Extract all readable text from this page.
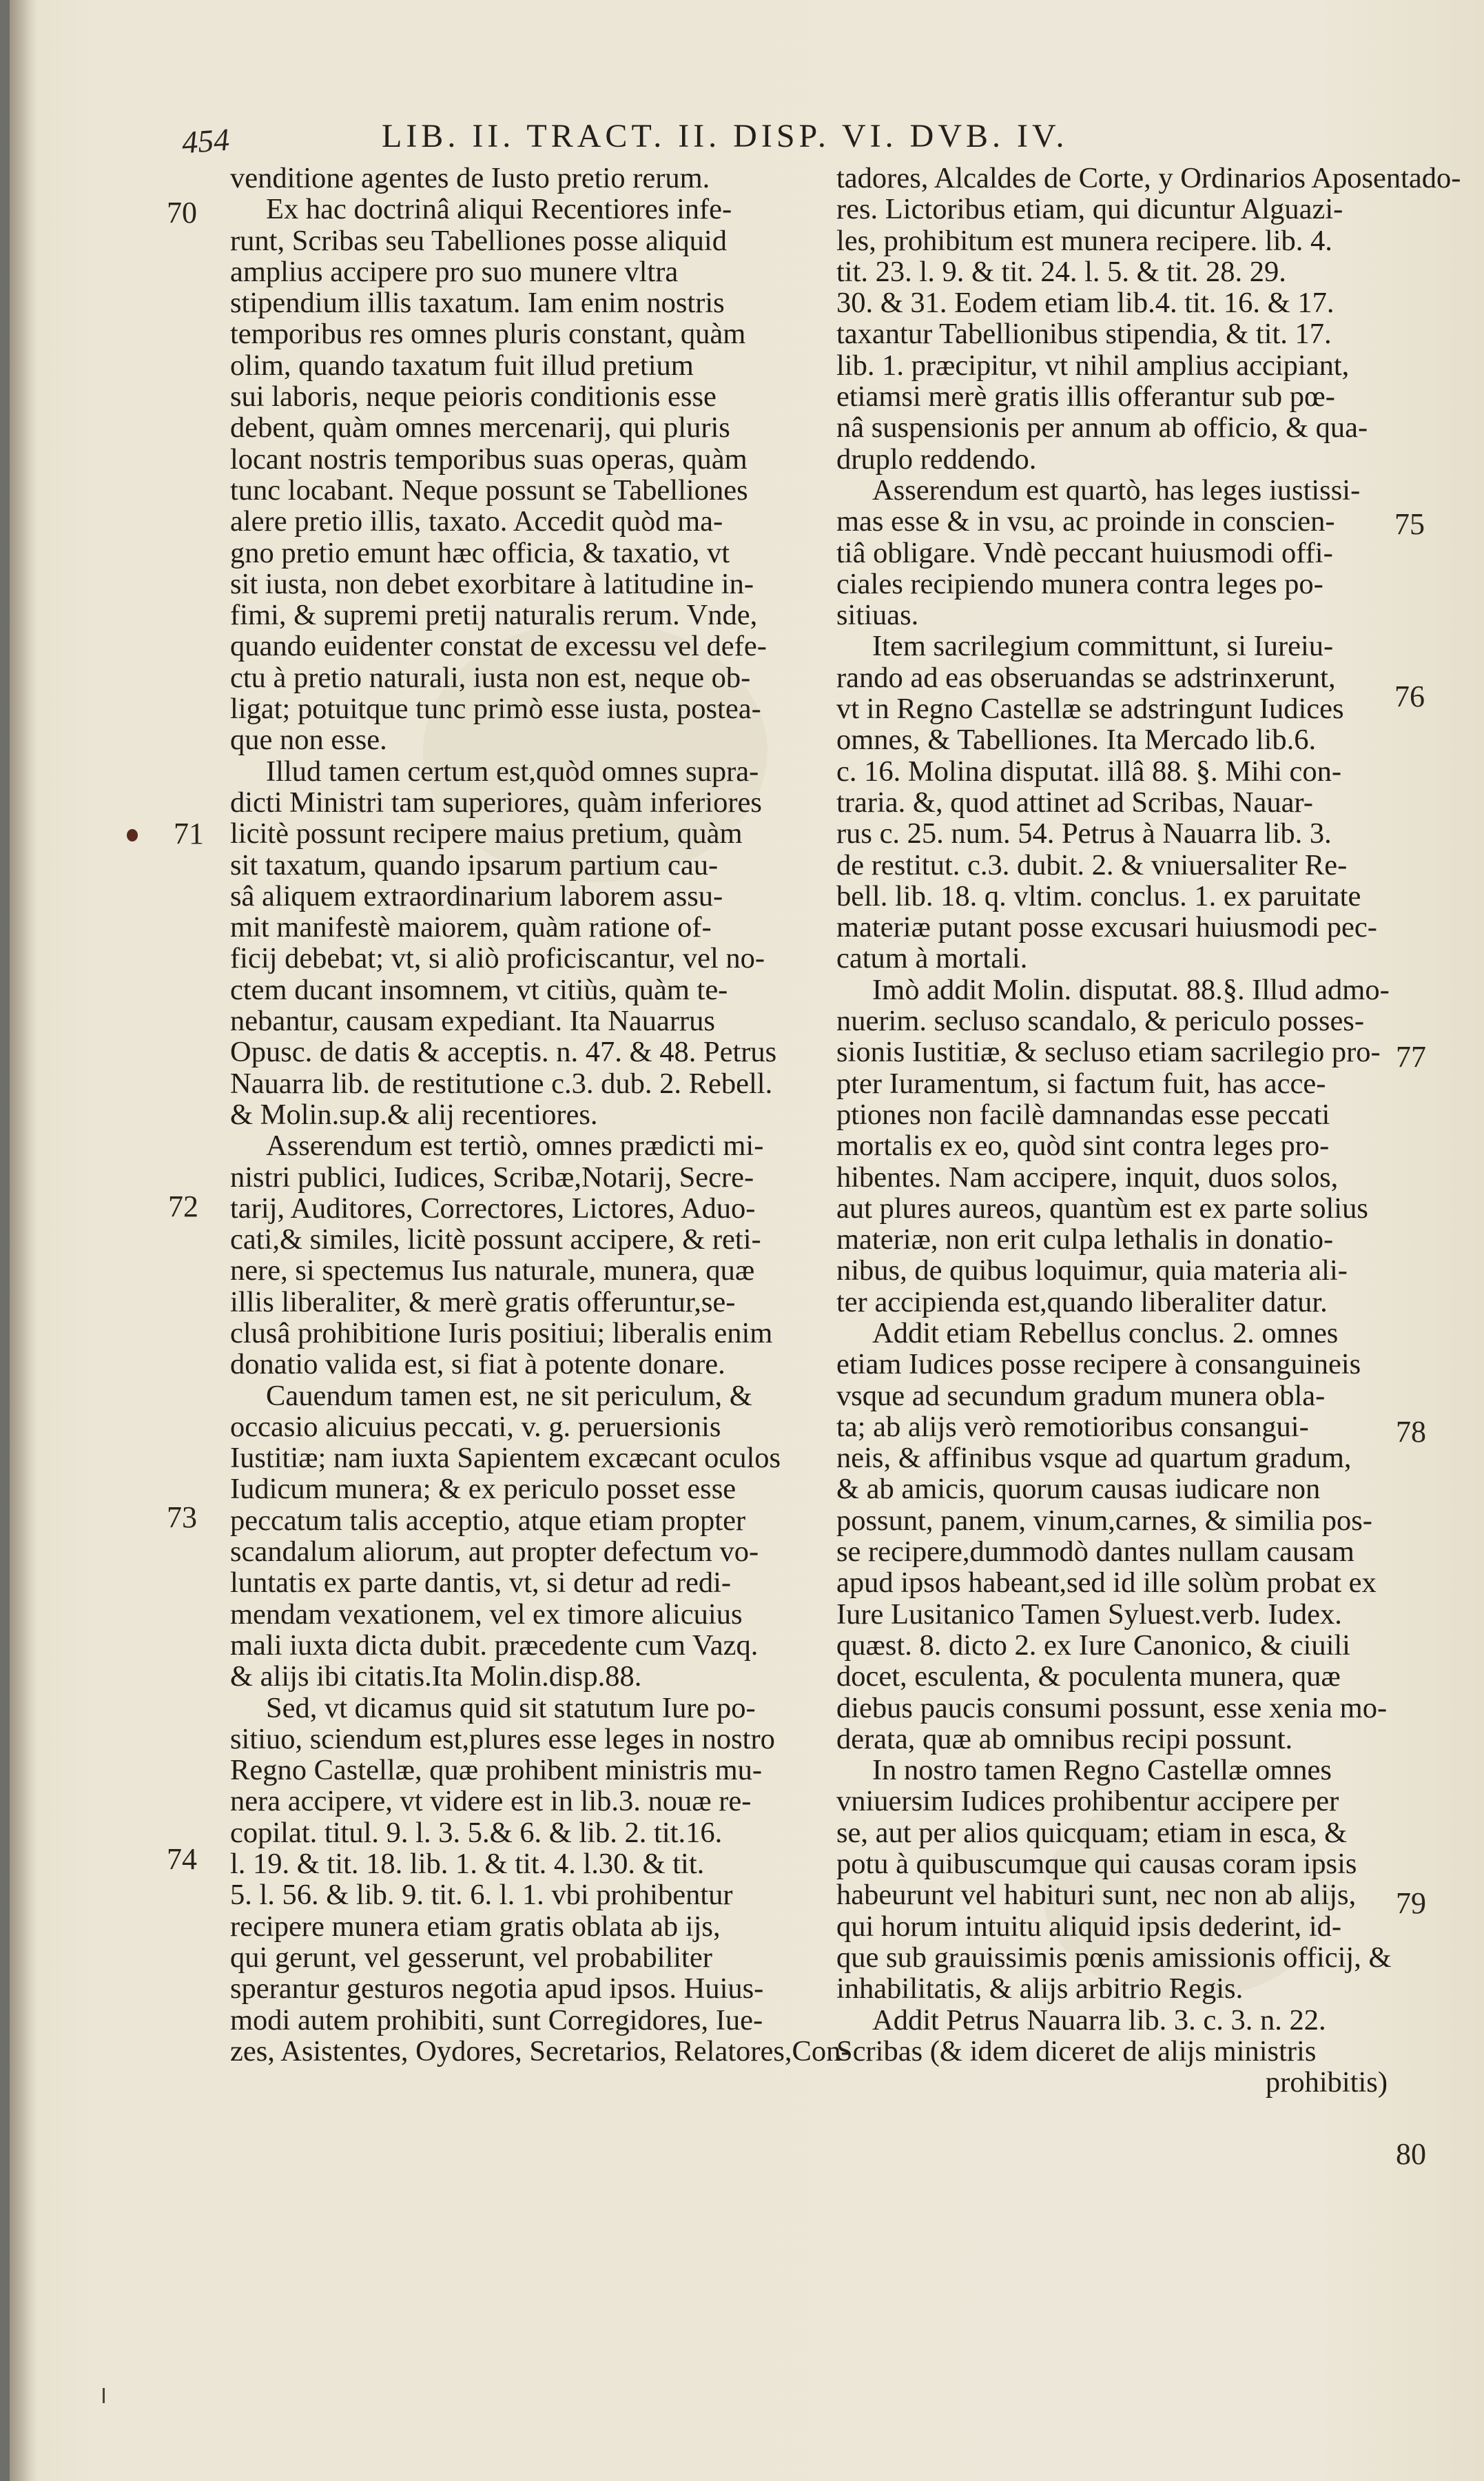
454	LIB. II. TRACT. II. DISP. VI. DVB. IV.
70
71
72
73
74
75
76
77
78
79
80
venditione agentes de Iusto pretio rerum.
Ex hac doctrinâ aliqui Recentiores infe-
runt, Scribas seu Tabelliones posse aliquid
amplius accipere pro suo munere vltra
stipendium illis taxatum. Iam enim nostris
temporibus res omnes pluris constant, quàm
olim, quando taxatum fuit illud pretium
sui laboris, neque peioris conditionis esse
debent, quàm omnes mercenarij, qui pluris
locant nostris temporibus suas operas, quàm
tunc locabant. Neque possunt se Tabelliones
alere pretio illis, taxato. Accedit quòd ma-
gno pretio emunt hæc officia, & taxatio, vt
sit iusta, non debet exorbitare à latitudine in-
fimi, & supremi pretij naturalis rerum. Vnde,
quando euidenter constat de excessu vel defe-
ctu à pretio naturali, iusta non est, neque ob-
ligat; potuitque tunc primò esse iusta, postea-
que non esse.
Illud tamen certum est,quòd omnes supra-
dicti Ministri tam superiores, quàm inferiores
licitè possunt recipere maius pretium, quàm
sit taxatum, quando ipsarum partium cau-
sâ aliquem extraordinarium laborem assu-
mit manifestè maiorem, quàm ratione of-
ficij debebat; vt, si aliò proficiscantur, vel no-
ctem ducant insomnem, vt citiùs, quàm te-
nebantur, causam expediant. Ita Nauarrus
Opusc. de datis & acceptis. n. 47. & 48. Petrus
Nauarra lib. de restitutione c.3. dub. 2. Rebell.
& Molin.sup.& alij recentiores.
Asserendum est tertiò, omnes prædicti mi-
nistri publici, Iudices, Scribæ,Notarij, Secre-
tarij, Auditores, Correctores, Lictores, Aduo-
cati,& similes, licitè possunt accipere, & reti-
nere, si spectemus Ius naturale, munera, quæ
illis liberaliter, & merè gratis offeruntur,se-
clusâ prohibitione Iuris positiui; liberalis enim
donatio valida est, si fiat à potente donare.
Cauendum tamen est, ne sit periculum, &
occasio alicuius peccati, v. g. peruersionis
Iustitiæ; nam iuxta Sapientem excæcant oculos
Iudicum munera; & ex periculo posset esse
peccatum talis acceptio, atque etiam propter
scandalum aliorum, aut propter defectum vo-
luntatis ex parte dantis, vt, si detur ad redi-
mendam vexationem, vel ex timore alicuius
mali iuxta dicta dubit. præcedente cum Vazq.
& alijs ibi citatis.Ita Molin.disp.88.
Sed, vt dicamus quid sit statutum Iure po-
sitiuo, sciendum est,plures esse leges in nostro
Regno Castellæ, quæ prohibent ministris mu-
nera accipere, vt videre est in lib.3. nouæ re-
copilat. titul. 9. l. 3. 5.& 6. & lib. 2. tit.16.
l. 19. & tit. 18. lib. 1. & tit. 4. l.30. & tit.
5. l. 56. & lib. 9. tit. 6. l. 1. vbi prohibentur
recipere munera etiam gratis oblata ab ijs,
qui gerunt, vel gesserunt, vel probabiliter
sperantur gesturos negotia apud ipsos. Huius-
modi autem prohibiti, sunt Corregidores, Iue-
zes, Asistentes, Oydores, Secretarios, Relatores,Con-
tadores, Alcaldes de Corte, y Ordinarios Aposentado-
res. Lictoribus etiam, qui dicuntur Alguazi-
les, prohibitum est munera recipere. lib. 4.
tit. 23. l. 9. & tit. 24. l. 5. & tit. 28. 29.
30. & 31. Eodem etiam lib.4. tit. 16. & 17.
taxantur Tabellionibus stipendia, & tit. 17.
lib. 1. præcipitur, vt nihil amplius accipiant,
etiamsi merè gratis illis offerantur sub pœ-
nâ suspensionis per annum ab officio, & qua-
druplo reddendo.
Asserendum est quartò, has leges iustissi-
mas esse & in vsu, ac proinde in conscien-
tiâ obligare. Vndè peccant huiusmodi offi-
ciales recipiendo munera contra leges po-
sitiuas.
Item sacrilegium committunt, si Iureiu-
rando ad eas obseruandas se adstrinxerunt,
vt in Regno Castellæ se adstringunt Iudices
omnes, & Tabelliones. Ita Mercado lib.6.
c. 16. Molina disputat. illâ 88. §. Mihi con-
traria. &, quod attinet ad Scribas, Nauar-
rus c. 25. num. 54. Petrus à Nauarra lib. 3.
de restitut. c.3. dubit. 2. & vniuersaliter Re-
bell. lib. 18. q. vltim. conclus. 1. ex paruitate
materiæ putant posse excusari huiusmodi pec-
catum à mortali.
Imò addit Molin. disputat. 88.§. Illud admo-
nuerim. secluso scandalo, & periculo posses-
sionis Iustitiæ, & secluso etiam sacrilegio pro-
pter Iuramentum, si factum fuit, has acce-
ptiones non facilè damnandas esse peccati
mortalis ex eo, quòd sint contra leges pro-
hibentes. Nam accipere, inquit, duos solos,
aut plures aureos, quantùm est ex parte solius
materiæ, non erit culpa lethalis in donatio-
nibus, de quibus loquimur, quia materia ali-
ter accipienda est,quando liberaliter datur.
Addit etiam Rebellus conclus. 2. omnes
etiam Iudices posse recipere à consanguineis
vsque ad secundum gradum munera obla-
ta; ab alijs verò remotioribus consangui-
neis, & affinibus vsque ad quartum gradum,
& ab amicis, quorum causas iudicare non
possunt, panem, vinum,carnes, & similia pos-
se recipere,dummodò dantes nullam causam
apud ipsos habeant,sed id ille solùm probat ex
Iure Lusitanico Tamen Syluest.verb. Iudex.
quæst. 8. dicto 2. ex Iure Canonico, & ciuili
docet, esculenta, & poculenta munera, quæ
diebus paucis consumi possunt, esse xenia mo-
derata, quæ ab omnibus recipi possunt.
In nostro tamen Regno Castellæ omnes
vniuersim Iudices prohibentur accipere per
se, aut per alios quicquam; etiam in esca, &
potu à quibuscumque qui causas coram ipsis
habeurunt vel habituri sunt, nec non ab alijs,
qui horum intuitu aliquid ipsis dederint, id-
que sub grauissimis pœnis amissionis officij, &
inhabilitatis, & alijs arbitrio Regis.
Addit Petrus Nauarra lib. 3. c. 3. n. 22.
Scribas (& idem diceret de alijs ministris
prohibitis)
